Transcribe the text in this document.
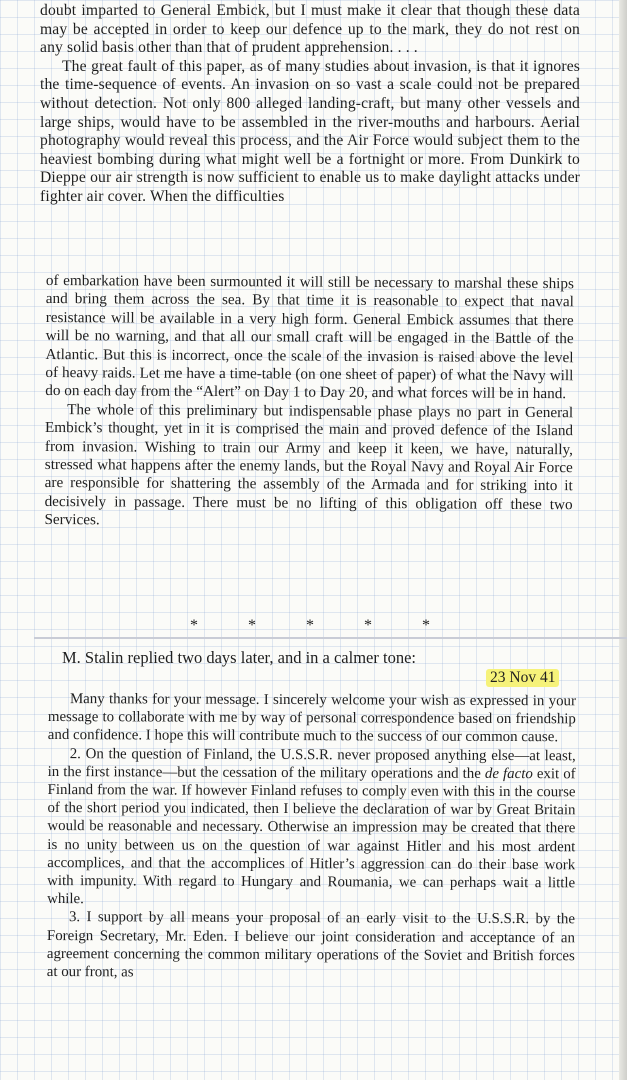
doubt imparted to General Embick, but I must make it clear that though these data may be accepted in order to keep our defence up to the mark, they do not rest on any solid basis other than that of prudent apprehension. . . .

The great fault of this paper, as of many studies about invasion, is that it ignores the time-sequence of events. An invasion on so vast a scale could not be prepared without detection. Not only 800 alleged landing-craft, but many other vessels and large ships, would have to be assembled in the river-mouths and harbours. Aerial photography would reveal this process, and the Air Force would subject them to the heaviest bombing during what might well be a fortnight or more. From Dunkirk to Dieppe our air strength is now sufficient to enable us to make daylight attacks under fighter air cover. When the difficulties

of embarkation have been surmounted it will still be necessary to marshal these ships and bring them across the sea. By that time it is reasonable to expect that naval resistance will be available in a very high form. General Embick assumes that there will be no warning, and that all our small craft will be engaged in the Battle of the Atlantic. But this is incorrect, once the scale of the invasion is raised above the level of heavy raids. Let me have a time-table (on one sheet of paper) of what the Navy will do on each day from the “Alert” on Day 1 to Day 20, and what forces will be in hand.

The whole of this preliminary but indispensable phase plays no part in General Embick’s thought, yet in it is comprised the main and proved defence of the Island from invasion. Wishing to train our Army and keep it keen, we have, naturally, stressed what happens after the enemy lands, but the Royal Navy and Royal Air Force are responsible for shattering the assembly of the Armada and for striking into it decisively in passage. There must be no lifting of this obligation off these two Services.

*	*	*	*	*
M. Stalin replied two days later, and in a calmer tone:
23 Nov 41

Many thanks for your message. I sincerely welcome your wish as expressed in your message to collaborate with me by way of personal correspondence based on friendship and confidence. I hope this will contribute much to the success of our common cause.

2. On the question of Finland, the U.S.S.R. never proposed anything else—at least, in the first instance—but the cessation of the military operations and the de facto exit of Finland from the war. If however Finland refuses to comply even with this in the course of the short period you indicated, then I believe the declaration of war by Great Britain would be reasonable and necessary. Otherwise an impression may be created that there is no unity between us on the question of war against Hitler and his most ardent accomplices, and that the accomplices of Hitler’s aggression can do their base work with impunity. With regard to Hungary and Roumania, we can perhaps wait a little while.

3. I support by all means your proposal of an early visit to the U.S.S.R. by the Foreign Secretary, Mr. Eden. I believe our joint consideration and acceptance of an agreement concerning the common military operations of the Soviet and British forces at our front, as
